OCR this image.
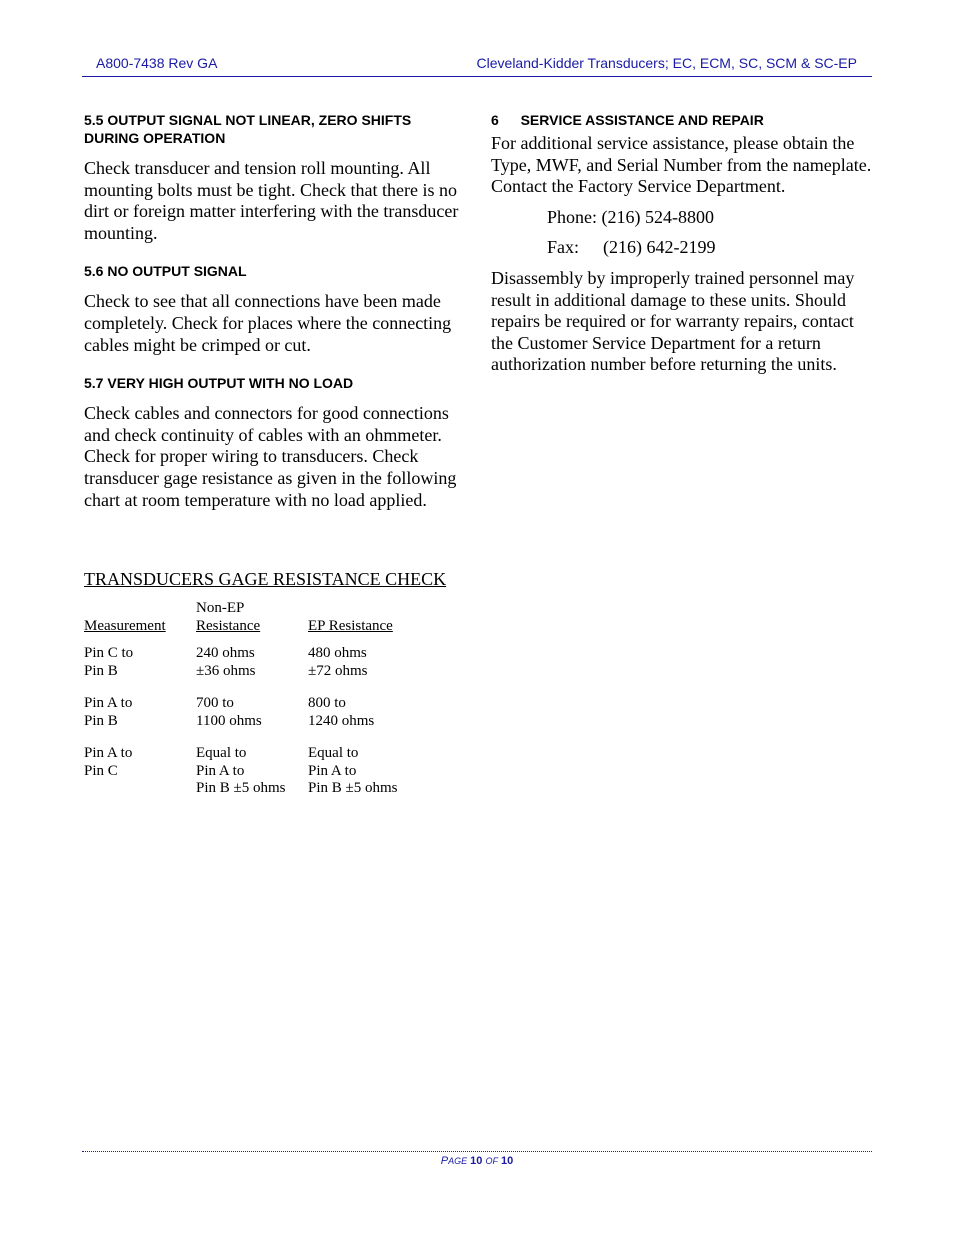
A800-7438 Rev GA	Cleveland-Kidder Transducers; EC, ECM, SC, SCM & SC-EP

5.5 OUTPUT SIGNAL NOT LINEAR, ZERO SHIFTS DURING OPERATION

Check transducer and tension roll mounting. All mounting bolts must be tight. Check that there is no dirt or foreign matter interfering with the transducer mounting.

5.6 NO OUTPUT SIGNAL

Check to see that all connections have been made completely. Check for places where the connecting cables might be crimped or cut.

5.7 VERY HIGH OUTPUT WITH NO LOAD

Check cables and connectors for good connections and check continuity of cables with an ohmmeter. Check for proper wiring to transducers. Check transducer gage resistance as given in the following chart at room temperature with no load applied.

TRANSDUCERS GAGE RESISTANCE CHECK
Non-EP
Measurement Resistance	EP Resistance
Pin C to
Pin B
240 ohms
±36 ohms
480 ohms
±72 ohms
Pin A to
Pin B
700 to
1100 ohms
800 to
1240 ohms
Pin A to
Pin C
Equal to
Pin A to
Pin B ±5 ohms
Equal to
Pin A to
Pin B ±5 ohms

6 SERVICE ASSISTANCE AND REPAIR

For additional service assistance, please obtain the Type, MWF, and Serial Number from the nameplate. Contact the Factory Service Department.

Phone: (216) 524-8800

Fax: (216) 642-2199

Disassembly by improperly trained personnel may result in additional damage to these units. Should repairs be required or for warranty repairs, contact the Customer Service Department for a return authorization number before returning the units.

PAGE 10 OF 10
